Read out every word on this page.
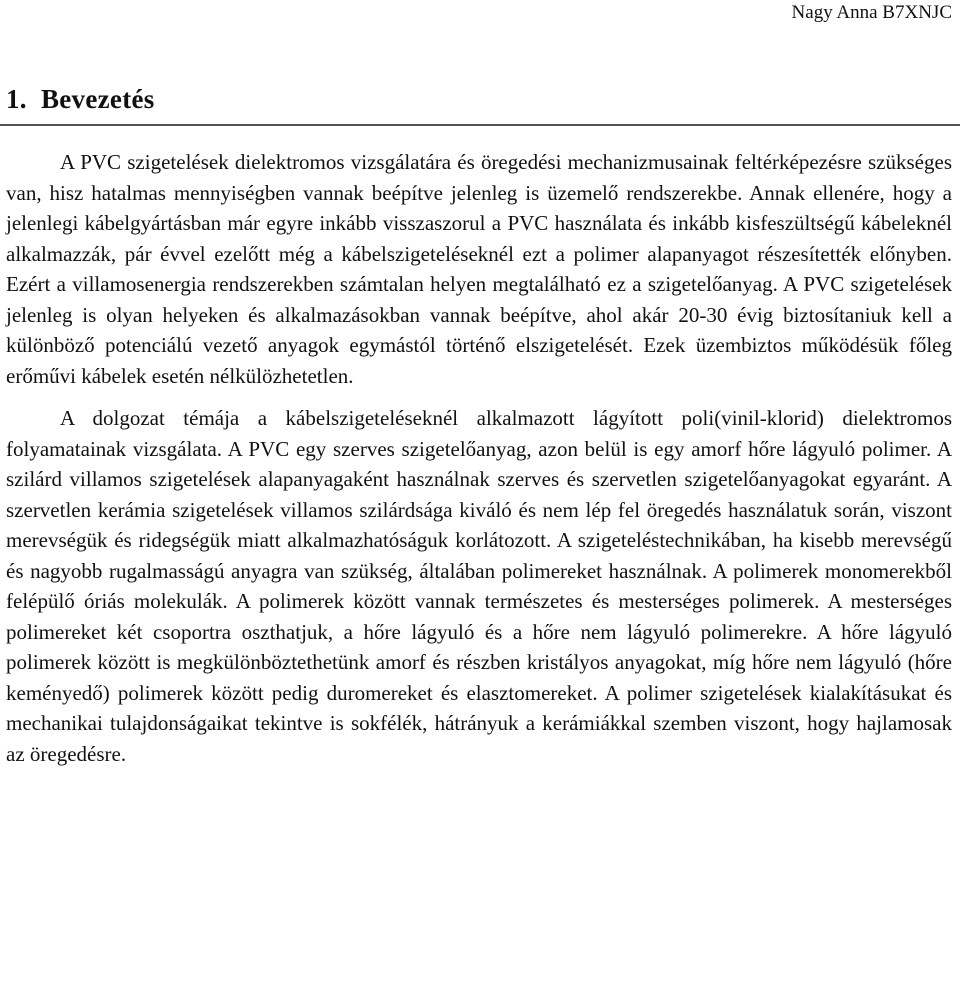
Nagy Anna B7XNJC
1. Bevezetés

A PVC szigetelések dielektromos vizsgálatára és öregedési mechanizmusainak feltérképezésre szükséges van, hisz hatalmas mennyiségben vannak beépítve jelenleg is üzemelő rendszerekbe. Annak ellenére, hogy a jelenlegi kábelgyártásban már egyre inkább visszaszorul a PVC használata és inkább kisfeszültségű kábeleknél alkalmazzák, pár évvel ezelőtt még a kábelszigeteléseknél ezt a polimer alapanyagot részesítették előnyben. Ezért a villamosenergia rendszerekben számtalan helyen megtalálható ez a szigetelőanyag. A PVC szigetelések jelenleg is olyan helyeken és alkalmazásokban vannak beépítve, ahol akár 20-30 évig biztosítaniuk kell a különböző potenciálú vezető anyagok egymástól történő elszigetelését. Ezek üzembiztos működésük főleg erőművi kábelek esetén nélkülözhetetlen.

A dolgozat témája a kábelszigeteléseknél alkalmazott lágyított poli(vinil-klorid) dielektromos folyamatainak vizsgálata. A PVC egy szerves szigetelőanyag, azon belül is egy amorf hőre lágyuló polimer. A szilárd villamos szigetelések alapanyagaként használnak szerves és szervetlen szigetelőanyagokat egyaránt. A szervetlen kerámia szigetelések villamos szilárdsága kiváló és nem lép fel öregedés használatuk során, viszont merevségük és ridegségük miatt alkalmazhatóságuk korlátozott. A szigeteléstechnikában, ha kisebb merevségű és nagyobb rugalmasságú anyagra van szükség, általában polimereket használnak. A polimerek monomerekből felépülő óriás molekulák. A polimerek között vannak természetes és mesterséges polimerek. A mesterséges polimereket két csoportra oszthatjuk, a hőre lágyuló és a hőre nem lágyuló polimerekre. A hőre lágyuló polimerek között is megkülönböztethetünk amorf és részben kristályos anyagokat, míg hőre nem lágyuló (hőre keményedő) polimerek között pedig duromereket és elasztomereket. A polimer szigetelések kialakításukat és mechanikai tulajdonságaikat tekintve is sokfélék, hátrányuk a kerámiákkal szemben viszont, hogy hajlamosak az öregedésre.
